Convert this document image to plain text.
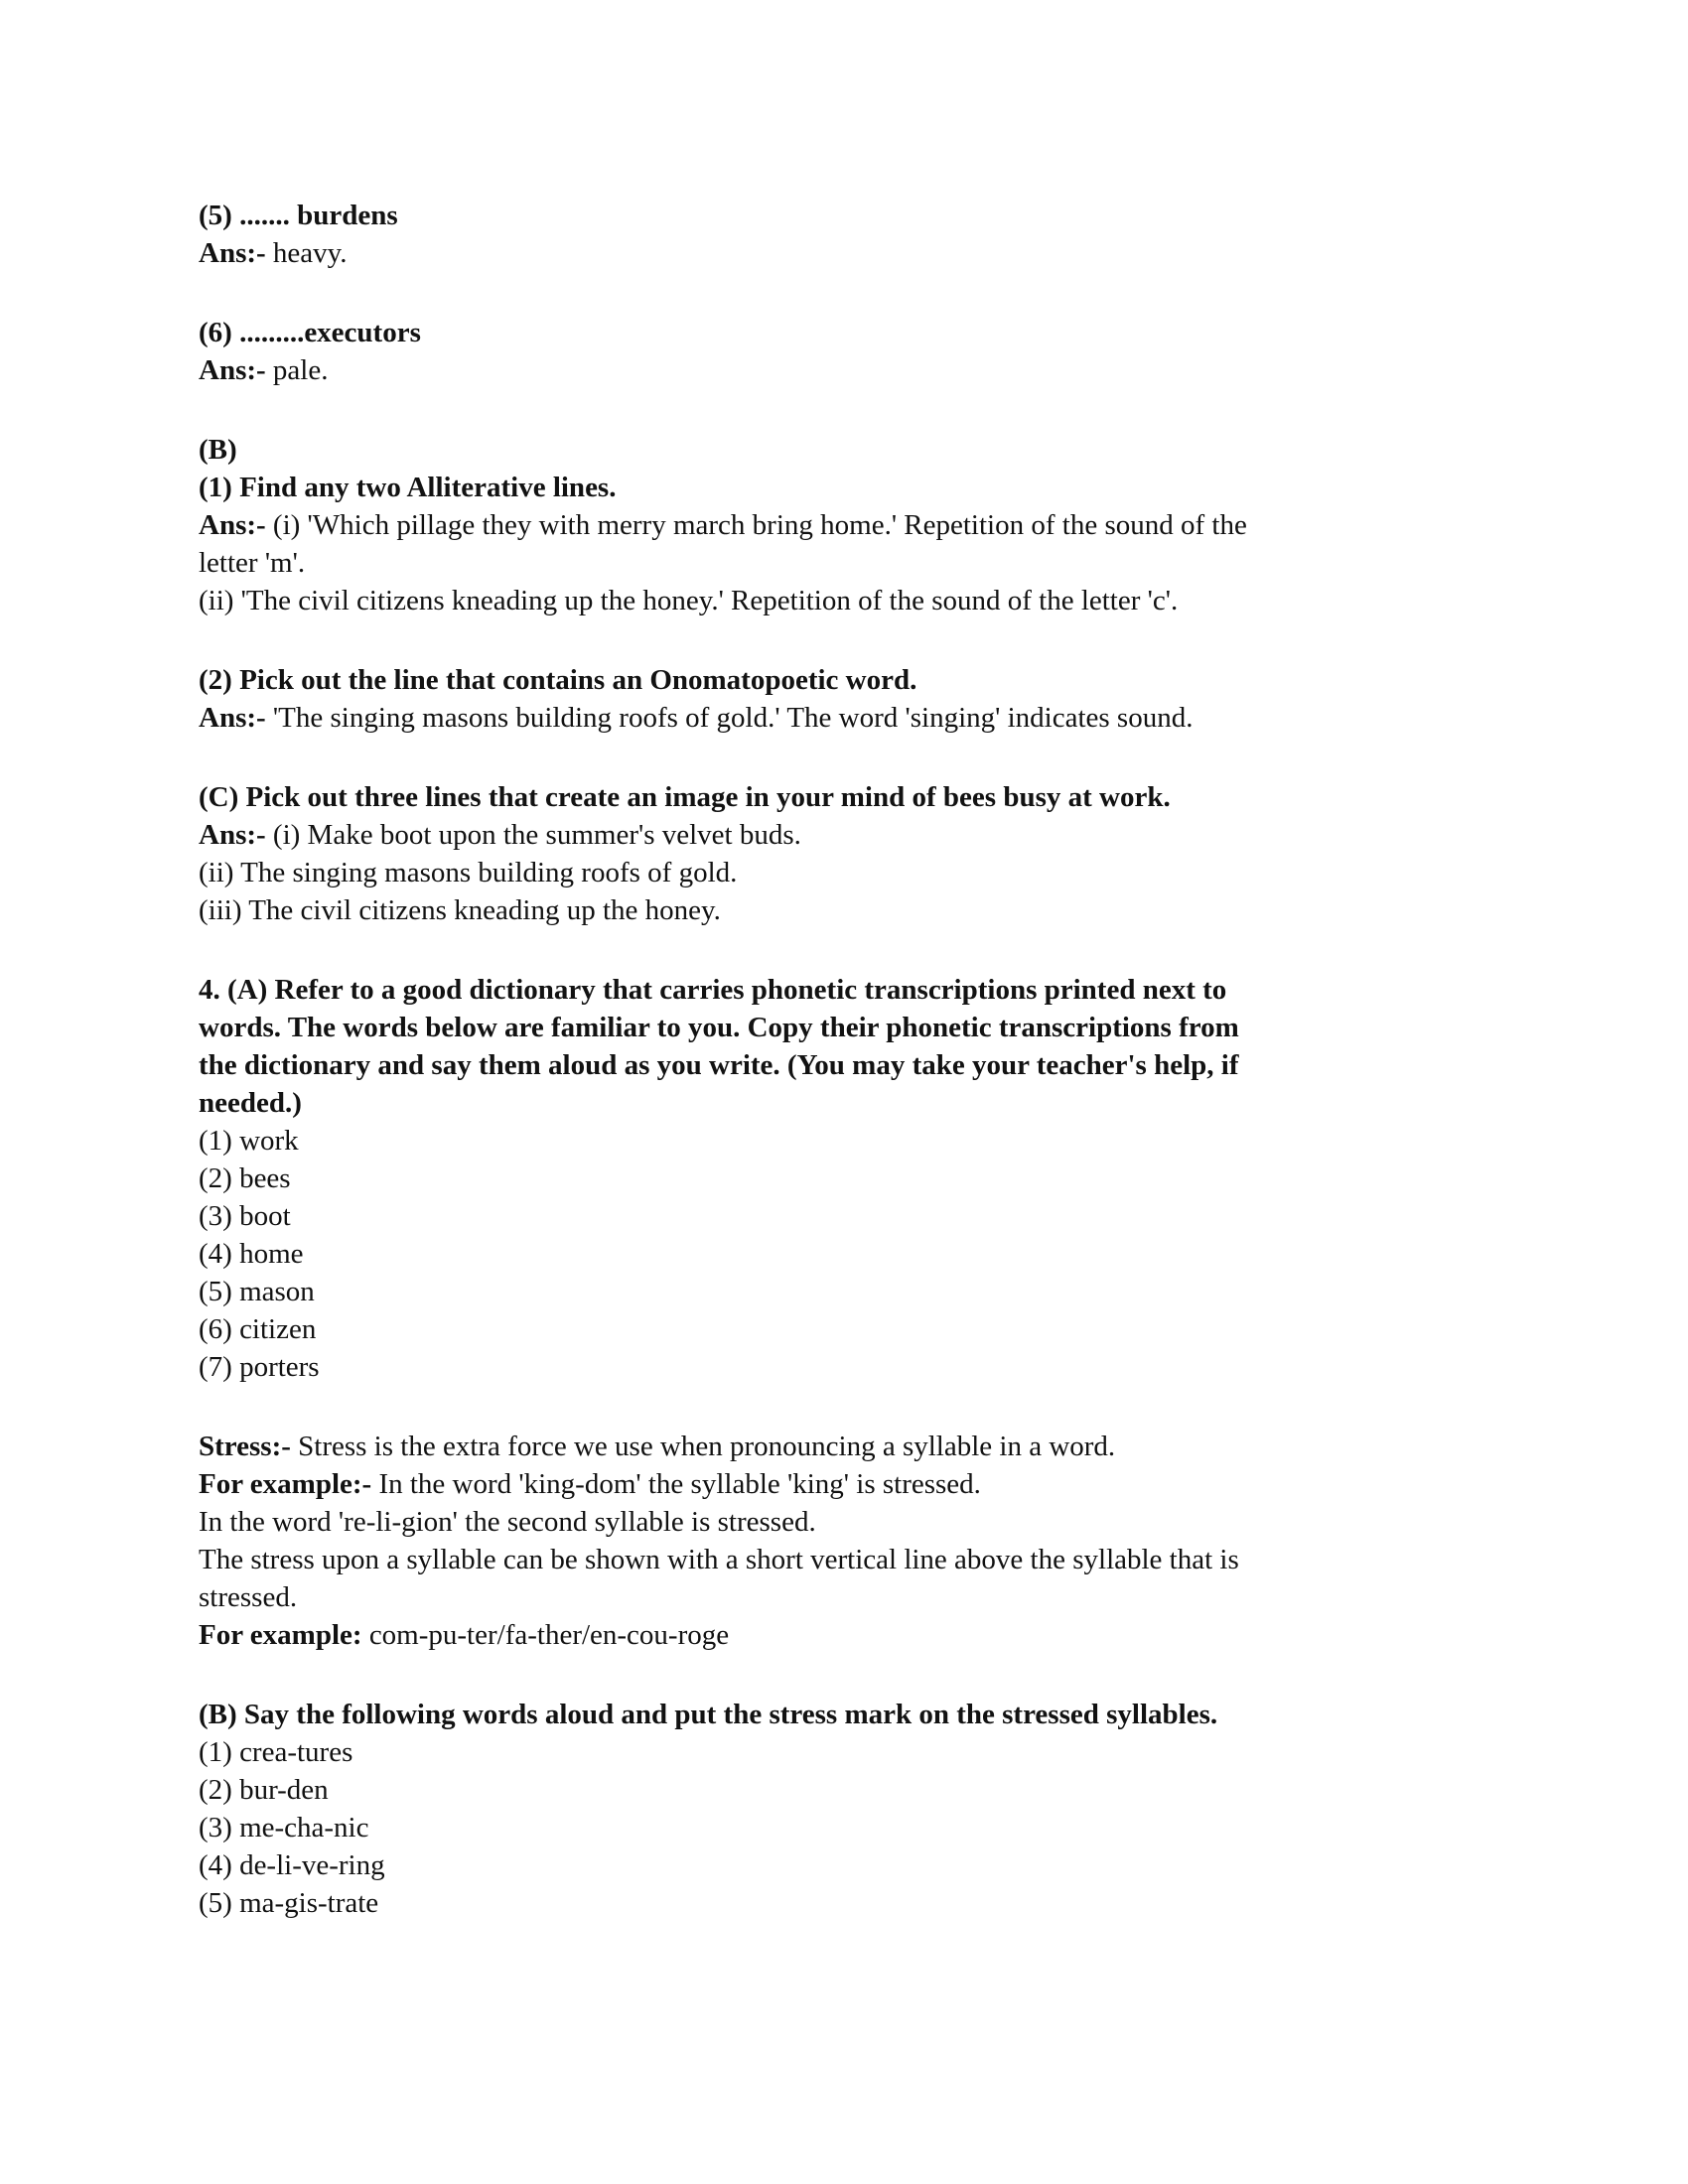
(5) ....... burdens
Ans:- heavy.
(6) .........executors
Ans:- pale.
(B)
(1) Find any two Alliterative lines.
Ans:- (i) 'Which pillage they with merry march bring home.' Repetition of the sound of the
letter 'm'.
(ii) 'The civil citizens kneading up the honey.' Repetition of the sound of the letter 'c'.
(2) Pick out the line that contains an Onomatopoetic word.
Ans:- 'The singing masons building roofs of gold.' The word 'singing' indicates sound.
(C) Pick out three lines that create an image in your mind of bees busy at work.
Ans:- (i) Make boot upon the summer's velvet buds.
(ii) The singing masons building roofs of gold.
(iii) The civil citizens kneading up the honey.
4. (A) Refer to a good dictionary that carries phonetic transcriptions printed next to
words. The words below are familiar to you. Copy their phonetic transcriptions from
the dictionary and say them aloud as you write. (You may take your teacher's help, if
needed.)
(1) work
(2) bees
(3) boot
(4) home
(5) mason
(6) citizen
(7) porters
Stress:- Stress is the extra force we use when pronouncing a syllable in a word.
For example:- In the word 'king-dom' the syllable 'king' is stressed.
In the word 're-li-gion' the second syllable is stressed.
The stress upon a syllable can be shown with a short vertical line above the syllable that is
stressed.
For example: com-pu-ter/fa-ther/en-cou-roge
(B) Say the following words aloud and put the stress mark on the stressed syllables.
(1) crea-tures
(2) bur-den
(3) me-cha-nic
(4) de-li-ve-ring
(5) ma-gis-trate
